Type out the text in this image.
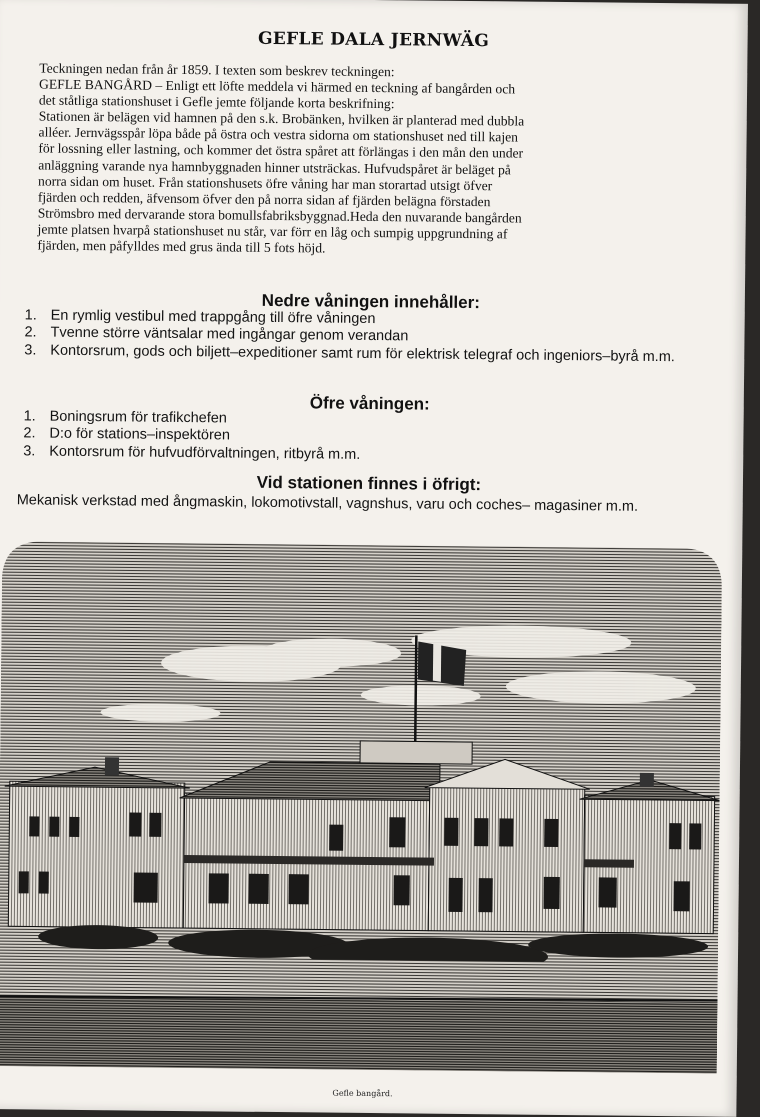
GEFLE DALA JERNWÄG

Teckningen nedan från år 1859. I texten som beskrev teckningen:

GEFLE BANGÅRD – Enligt ett löfte meddela vi härmed en teckning af bangården och

det ståtliga stationshuset i Gefle jemte följande korta beskrifning:

Stationen är belägen vid hamnen på den s.k. Brobänken, hvilken är planterad med dubbla

alléer. Jernvägsspår löpa både på östra och vestra sidorna om stationshuset ned till kajen

för lossning eller lastning, och kommer det östra spåret att förlängas i den mån den under

anläggning varande nya hamnbyggnaden hinner utsträckas. Hufvudspåret är beläget på

norra sidan om huset. Från stationshusets öfre våning har man storartad utsigt öfver

fjärden och redden, äfvensom öfver den på norra sidan af fjärden belägna förstaden

Strömsbro med dervarande stora bomullsfabriksbyggnad.Heda den nuvarande bangården

jemte platsen hvarpå stationshuset nu står, var förr en låg och sumpig uppgrundning af

fjärden, men påfylldes med grus ända till 5 fots höjd.

Nedre våningen innehåller:
1. En rymlig vestibul med trappgång till öfre våningen
2. Tvenne större väntsalar med ingångar genom verandan
3. Kontorsrum, gods och biljett–expeditioner samt rum för elektrisk telegraf och ingeniors–byrå m.m.
Öfre våningen:
1. Boningsrum för trafikchefen
2. D:o för stations–inspektören
3. Kontorsrum för hufvudförvaltningen, ritbyrå m.m.
Vid stationen finnes i öfrigt:
Mekanisk verkstad med ångmaskin, lokomotivstall, vagnshus, varu och coches– magasiner m.m.
Gefle bangård.
